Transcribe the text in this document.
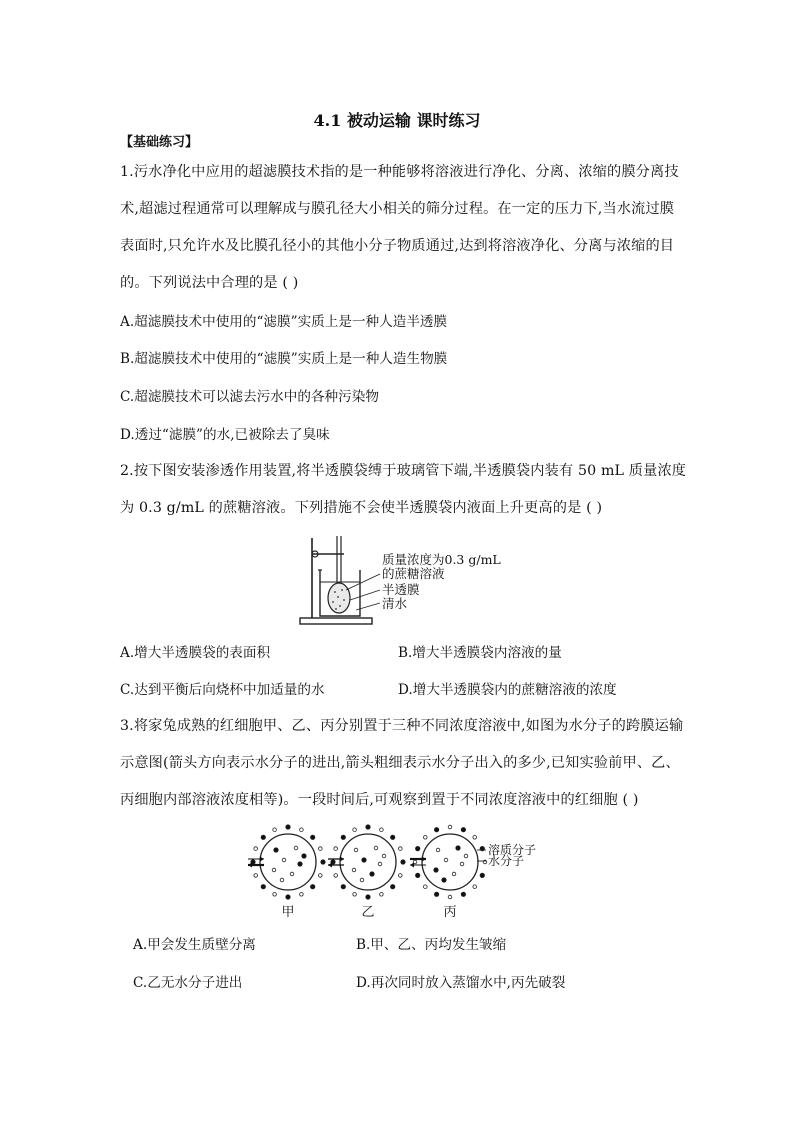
4.1 被动运输 课时练习
【基础练习】
1.污水净化中应用的超滤膜技术指的是一种能够将溶液进行净化、分离、浓缩的膜分离技
术,超滤过程通常可以理解成与膜孔径大小相关的筛分过程。在一定的压力下,当水流过膜
表面时,只允许水及比膜孔径小的其他小分子物质通过,达到将溶液净化、分离与浓缩的目
的。下列说法中合理的是 ( )
A.超滤膜技术中使用的“滤膜”实质上是一种人造半透膜
B.超滤膜技术中使用的“滤膜”实质上是一种人造生物膜
C.超滤膜技术可以滤去污水中的各种污染物
D.透过“滤膜”的水,已被除去了臭味
2.按下图安装渗透作用装置,将半透膜袋缚于玻璃管下端,半透膜袋内装有 50 mL 质量浓度
为 0.3 g/mL 的蔗糖溶液。下列措施不会使半透膜袋内液面上升更高的是 ( )
质量浓度为0.3 g/mL
的蔗糖溶液
半透膜
清水
A.增大半透膜袋的表面积	B.增大半透膜袋内溶液的量
C.达到平衡后向烧杯中加适量的水	D.增大半透膜袋内的蔗糖溶液的浓度
3.将家兔成熟的红细胞甲、乙、丙分别置于三种不同浓度溶液中,如图为水分子的跨膜运输
示意图(箭头方向表示水分子的进出,箭头粗细表示水分子出入的多少,已知实验前甲、乙、
丙细胞内部溶液浓度相等)。一段时间后,可观察到置于不同浓度溶液中的红细胞 ( )
溶质分子
水分子
甲	乙	丙
A.甲会发生质壁分离	B.甲、乙、丙均发生皱缩
C.乙无水分子进出	D.再次同时放入蒸馏水中,丙先破裂
